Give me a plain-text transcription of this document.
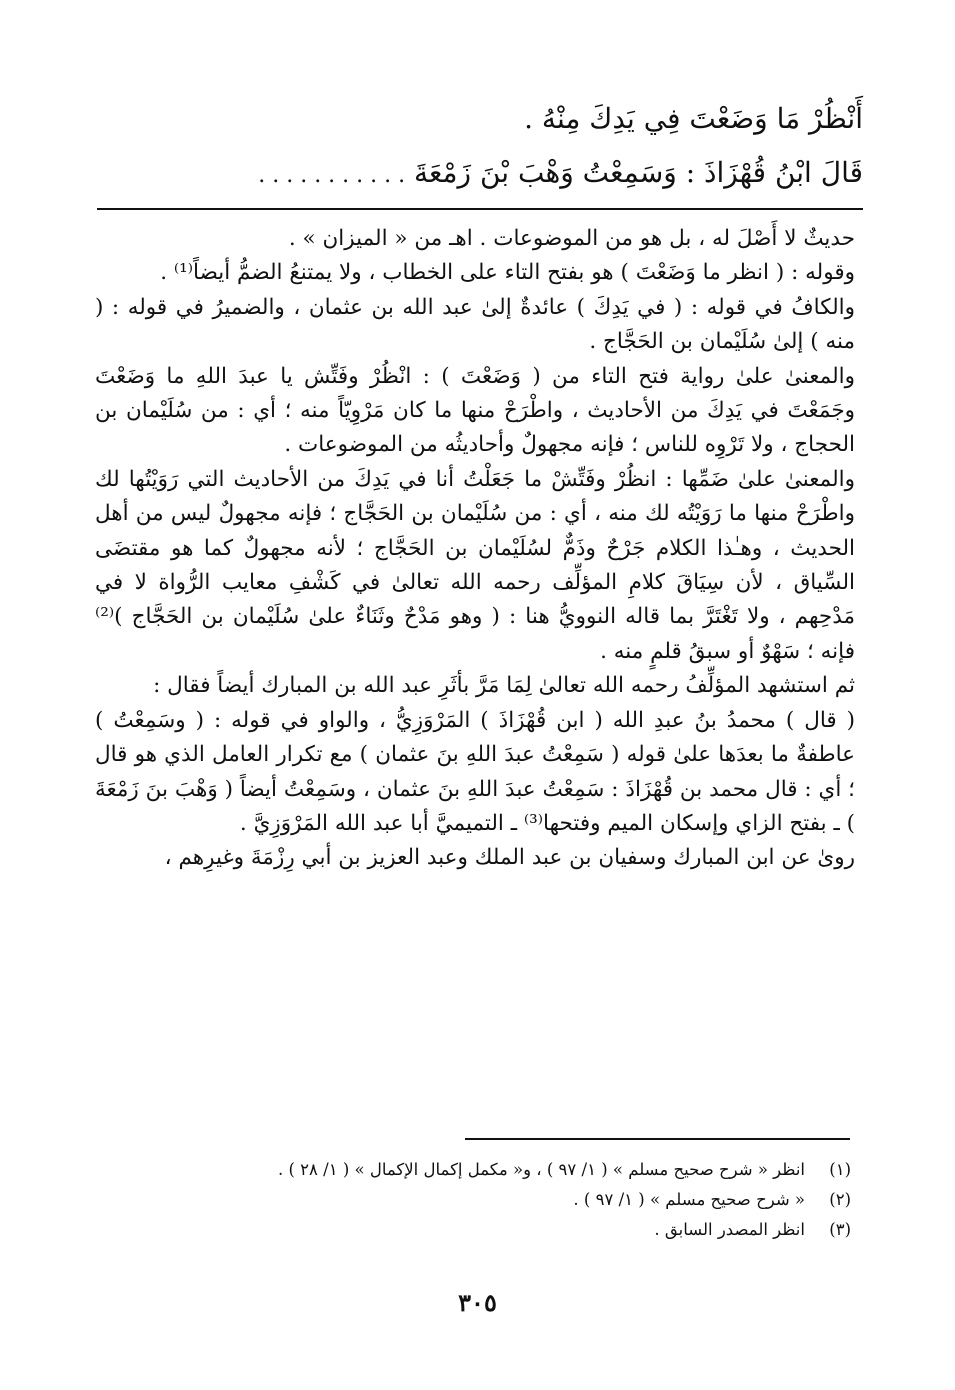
أَنْظُرْ مَا وَضَعْتَ فِي يَدِكَ مِنْهُ .
قَالَ ابْنُ قُهْزَاذَ : وَسَمِعْتُ وَهْبَ بْنَ زَمْعَةَ . . . . . . . . . . .

حديثٌ لا أَصْلَ له ، بل هو من الموضوعات . اهـ من « الميزان » .

وقوله : ( انظر ما وَضَعْتَ ) هو بفتح التاء على الخطاب ، ولا يمتنعُ الضمُّ أيضاً⁽¹⁾ .

والكافُ في قوله : ( في يَدِكَ ) عائدةٌ إلىٰ عبد الله بن عثمان ، والضميرُ في قوله : ( منه ) إلىٰ سُلَيْمان بن الحَجَّاج .

والمعنىٰ علىٰ رواية فتح التاء من ( وَضَعْتَ ) : انْظُرْ وفَتِّش يا عبدَ اللهِ ما وَضَعْتَ وجَمَعْتَ في يَدِكَ من الأحاديث ، واطْرَحْ منها ما كان مَرْوِيّاً منه ؛ أي : من سُلَيْمان بن الحجاج ، ولا تَرْوِه للناس ؛ فإنه مجهولٌ وأحاديثُه من الموضوعات .

والمعنىٰ علىٰ ضَمِّها : انظُرْ وفَتِّشْ ما جَعَلْتُ أنا في يَدِكَ من الأحاديث التي رَوَيْتُها لك واطْرَحْ منها ما رَوَيْتُه لك منه ، أي : من سُلَيْمان بن الحَجَّاج ؛ فإنه مجهولٌ ليس من أهل الحديث ، وهـٰذا الكلام جَرْحٌ وذَمٌّ لسُلَيْمان بن الحَجَّاج ؛ لأنه مجهولٌ كما هو مقتضَى السِّياق ، لأن سِيَاقَ كلامِ المؤلِّف رحمه الله تعالىٰ في كَشْفِ معايب الرُّواة لا في مَدْحِهم ، ولا تَغْتَرَّ بما قاله النوويُّ هنا : ( وهو مَدْحٌ وثَنَاءٌ علىٰ سُلَيْمان بن الحَجَّاج )⁽²⁾ فإنه ؛ سَهْوٌ أو سبقُ قلمٍ منه .

ثم استشهد المؤلِّفُ رحمه الله تعالىٰ لِمَا مَرَّ بأثَرِ عبد الله بن المبارك أيضاً فقال :

( قال ) محمدُ بنُ عبدِ الله ( ابن قُهْزَاذَ ) المَرْوَزِيُّ ، والواو في قوله : ( وسَمِعْتُ ) عاطفةٌ ما بعدَها علىٰ قوله ( سَمِعْتُ عبدَ اللهِ بنَ عثمان ) مع تكرار العامل الذي هو قال ؛ أي : قال محمد بن قُهْزَاذَ : سَمِعْتُ عبدَ اللهِ بنَ عثمان ، وسَمِعْتُ أيضاً ( وَهْبَ بنَ زَمْعَةَ ) ـ بفتح الزاي وإسكان الميم وفتحها⁽³⁾ ـ التميميَّ أبا عبد الله المَرْوَزِيَّ .

روىٰ عن ابن المبارك وسفيان بن عبد الملك وعبد العزيز بن أبي رِزْمَةَ وغيرِهم ،

(١)
انظر « شرح صحيح مسلم » ( ١/ ٩٧ ) ، و« مكمل إكمال الإكمال » ( ١/ ٢٨ ) .
(٢)
« شرح صحيح مسلم » ( ١/ ٩٧ ) .
(٣)
انظر المصدر السابق .
٣٠٥
